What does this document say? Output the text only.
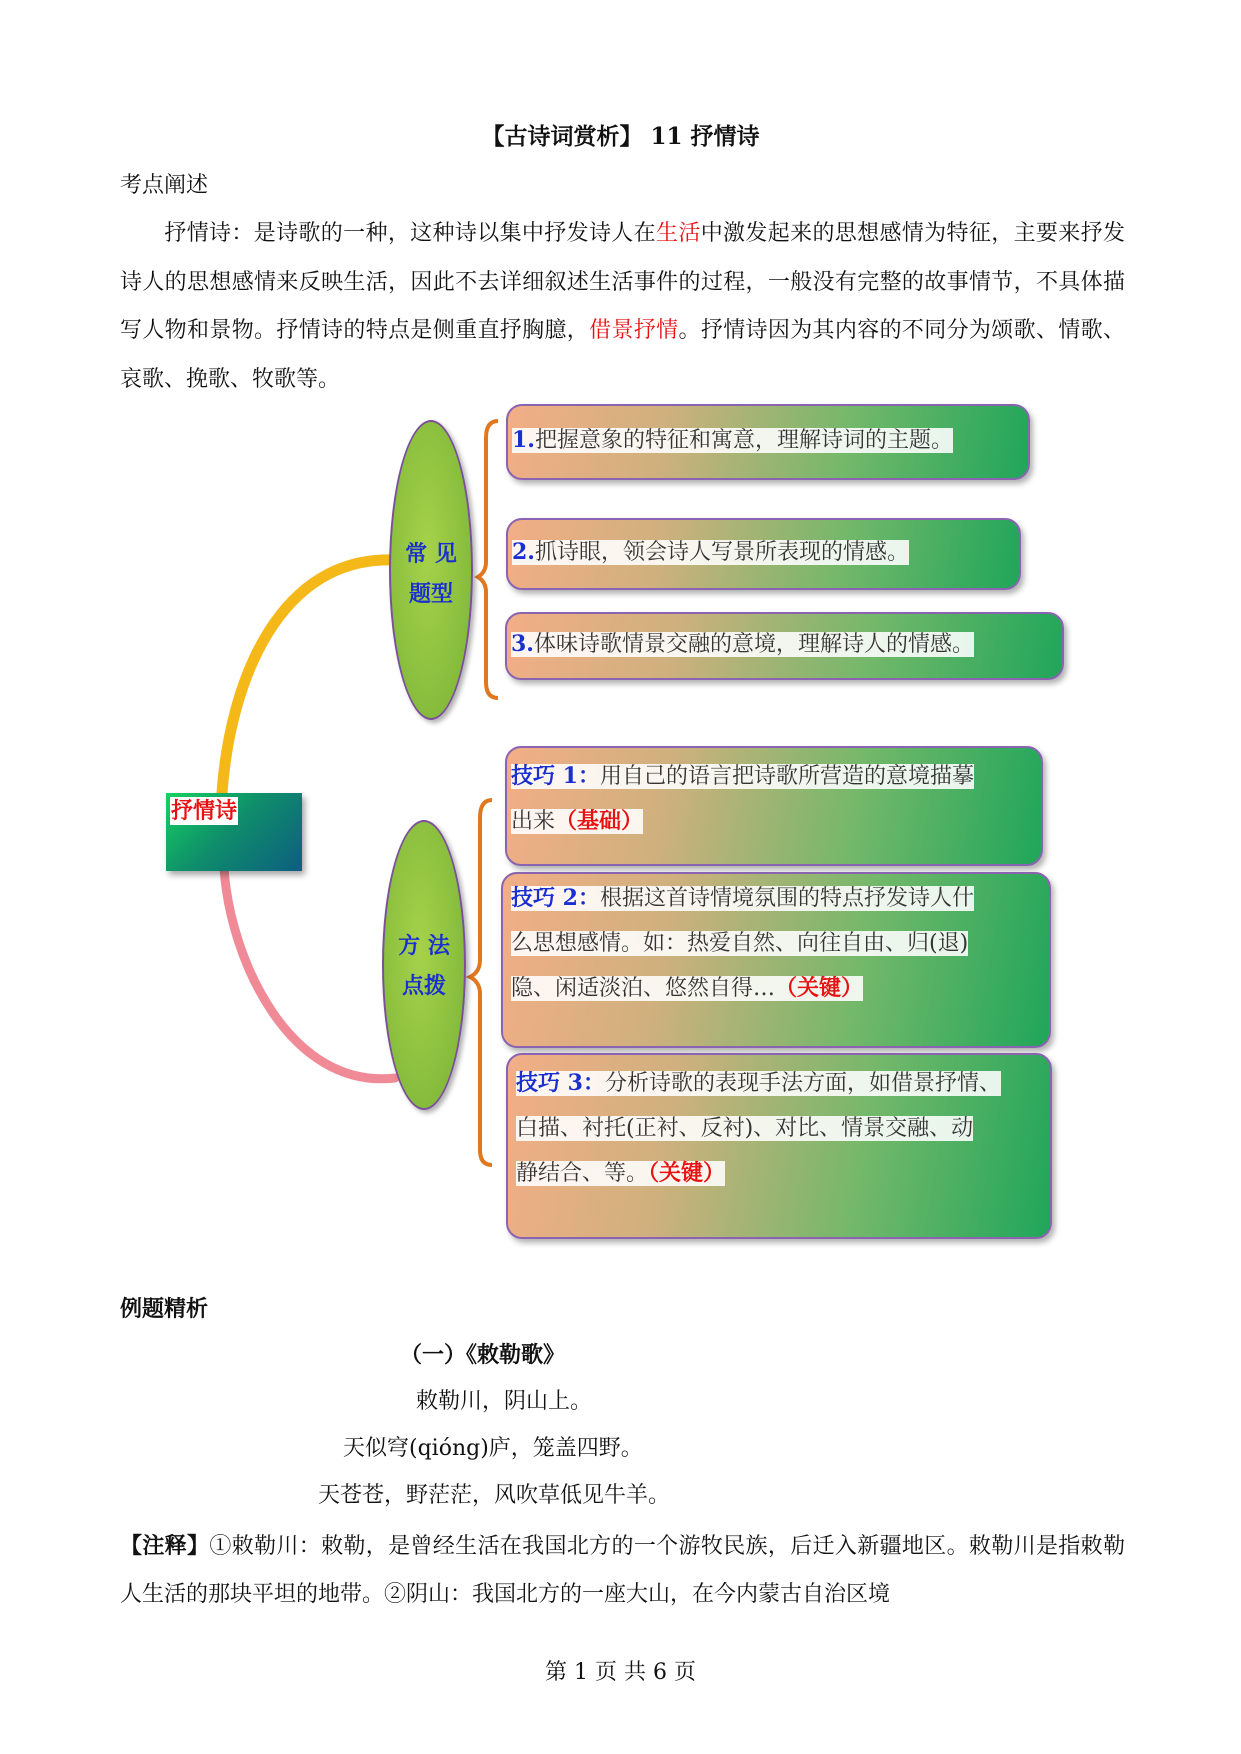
【古诗词赏析】 11 抒情诗
考点阐述
抒情诗：是诗歌的一种，这种诗以集中抒发诗人在生活中激发起来的思想感情为特征，主要来抒发诗人的思想感情来反映生活，因此不去详细叙述生活事件的过程，一般没有完整的故事情节，不具体描写人物和景物。抒情诗的特点是侧重直抒胸臆，借景抒情。抒情诗因为其内容的不同分为颂歌、情歌、哀歌、挽歌、牧歌等。
抒情诗
常 见
题型
方 法
点拨
1.把握意象的特征和寓意，理解诗词的主题。
2.抓诗眼，领会诗人写景所表现的情感。
3.体味诗歌情景交融的意境，理解诗人的情感。
技巧 1：用自己的语言把诗歌所营造的意境描摹
出来（基础）
技巧 2：根据这首诗情境氛围的特点抒发诗人什
么思想感情。如：热爱自然、向往自由、归(退)
隐、闲适淡泊、悠然自得…（关键）
技巧 3：分析诗歌的表现手法方面，如借景抒情、
白描、衬托(正衬、反衬)、对比、情景交融、动
静结合、等。（关键）
例题精析
（一）《敕勒歌》
敕勒川，阴山上。
天似穹(qióng)庐，笼盖四野。
天苍苍，野茫茫，风吹草低见牛羊。
【注释】①敕勒川：敕勒，是曾经生活在我国北方的一个游牧民族，后迁入新疆地区。敕勒川是指敕勒人生活的那块平坦的地带。②阴山：我国北方的一座大山，在今内蒙古自治区境
第 1 页 共 6 页
